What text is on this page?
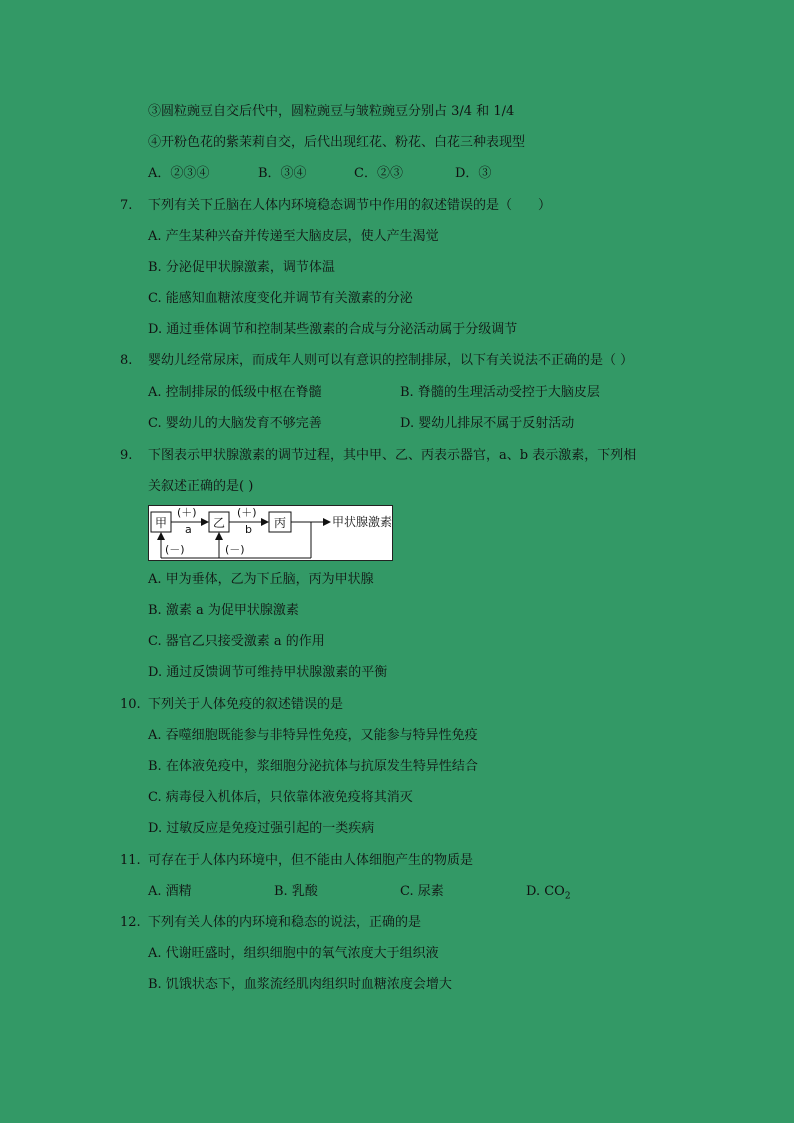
③圆粒豌豆自交后代中，圆粒豌豆与皱粒豌豆分别占 3/4 和 1/4
④开粉色花的紫茉莉自交，后代出现红花、粉花、白花三种表现型
A．②③④	B．③④	C．②③	D．③
7. 下列有关下丘脑在人体内环境稳态调节中作用的叙述错误的是（　　）
A. 产生某种兴奋并传递至大脑皮层，使人产生渴觉
B. 分泌促甲状腺激素，调节体温
C. 能感知血糖浓度变化并调节有关激素的分泌
D. 通过垂体调节和控制某些激素的合成与分泌活动属于分级调节
8. 婴幼儿经常尿床，而成年人则可以有意识的控制排尿，以下有关说法不正确的是（ ）
A. 控制排尿的低级中枢在脊髓	B. 脊髓的生理活动受控于大脑皮层
C. 婴幼儿的大脑发育不够完善	D. 婴幼儿排尿不属于反射活动
9. 下图表示甲状腺激素的调节过程，其中甲、乙、丙表示器官，a、b 表示激素，下列相
关叙述正确的是( )
甲	乙	丙
(＋)
a
(＋)
b
甲状腺激素
(－)	(－)
A. 甲为垂体，乙为下丘脑，丙为甲状腺
B. 激素 a 为促甲状腺激素
C. 器官乙只接受激素 a 的作用
D. 通过反馈调节可维持甲状腺激素的平衡
10. 下列关于人体免疫的叙述错误的是
A. 吞噬细胞既能参与非特异性免疫，又能参与特异性免疫
B. 在体液免疫中，浆细胞分泌抗体与抗原发生特异性结合
C. 病毒侵入机体后，只依靠体液免疫将其消灭
D. 过敏反应是免疫过强引起的一类疾病
11. 可存在于人体内环境中，但不能由人体细胞产生的物质是
A. 酒精	B. 乳酸	C. 尿素	D. $CO_2$
12. 下列有关人体的内环境和稳态的说法，正确的是
A. 代谢旺盛时，组织细胞中的氧气浓度大于组织液
B. 饥饿状态下，血浆流经肌肉组织时血糖浓度会增大
